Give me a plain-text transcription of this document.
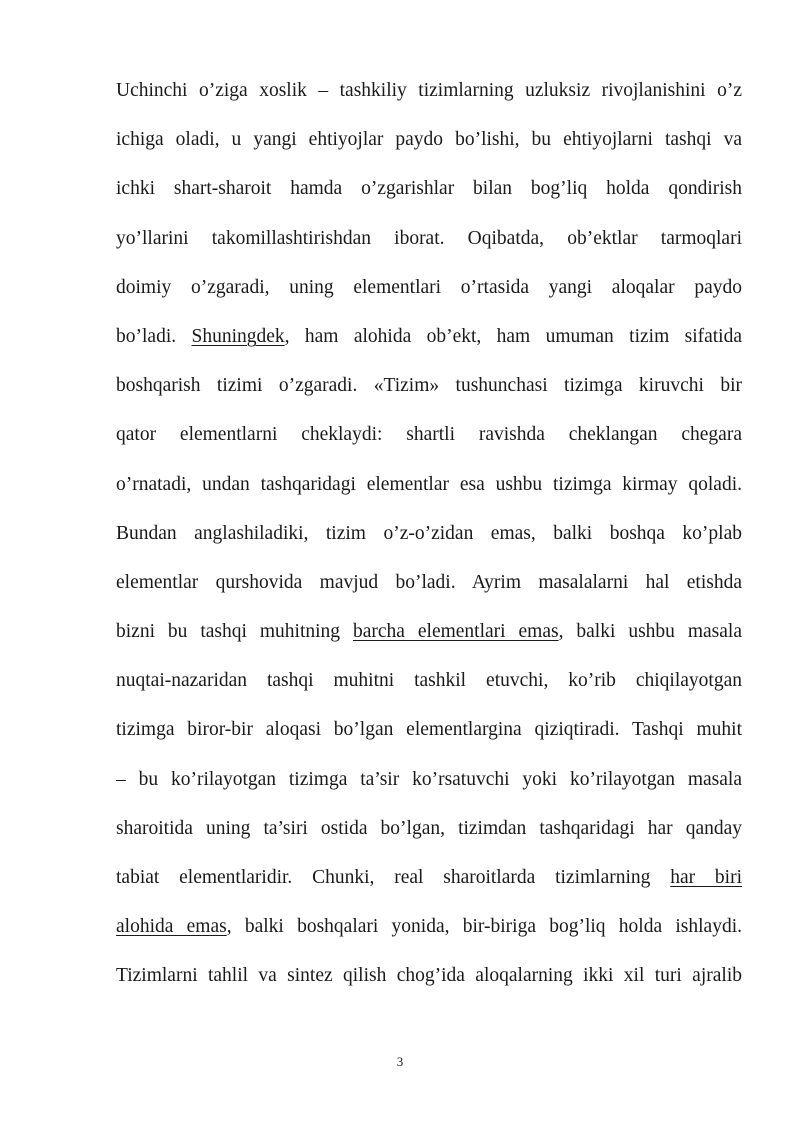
Uchinchi o’ziga xoslik – tashkiliy tizimlarning uzluksiz rivojlanishini o’z
ichiga oladi, u yangi ehtiyojlar paydo bo’lishi, bu ehtiyojlarni tashqi va
ichki shart-sharoit hamda o’zgarishlar bilan bog’liq holda qondirish
yo’llarini takomillashtirishdan iborat. Oqibatda, ob’ektlar tarmoqlari
doimiy o’zgaradi, uning elementlari o’rtasida yangi aloqalar paydo
bo’ladi. Shuningdek, ham alohida ob’ekt, ham umuman tizim sifatida
boshqarish tizimi o’zgaradi. «Tizim» tushunchasi tizimga kiruvchi bir
qator elementlarni cheklaydi: shartli ravishda cheklangan chegara
o’rnatadi, undan tashqaridagi elementlar esa ushbu tizimga kirmay qoladi.
Bundan anglashiladiki, tizim o’z-o’zidan emas, balki boshqa ko’plab
elementlar qurshovida mavjud bo’ladi. Ayrim masalalarni hal etishda
bizni bu tashqi muhitning barcha elementlari emas, balki ushbu masala
nuqtai-nazaridan tashqi muhitni tashkil etuvchi, ko’rib chiqilayotgan
tizimga biror-bir aloqasi bo’lgan elementlargina qiziqtiradi. Tashqi muhit
– bu ko’rilayotgan tizimga ta’sir ko’rsatuvchi yoki ko’rilayotgan masala
sharoitida uning ta’siri ostida bo’lgan, tizimdan tashqaridagi har qanday
tabiat elementlaridir. Chunki, real sharoitlarda tizimlarning har biri
alohida emas, balki boshqalari yonida, bir-biriga bog’liq holda ishlaydi.
Tizimlarni tahlil va sintez qilish chog’ida aloqalarning ikki xil turi ajralib
3
